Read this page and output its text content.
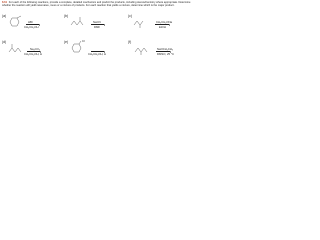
8.61 For each of the following reactions, provide a complete, detailed mechanism and predict the products, including stereochemistry where appropriate. Determine whether the reaction will yield racemates, meso or a mixture of products. For each reaction that yields a mixture, determine which is the major product.
(a)
HBr
CH₃CH₂OH
(b)
NaCN
DMF
(c)
CH₃CH₂ONa
EtOH
(d)
Na₂CO₃
CH₃CH₂OH, Δ
(e)	Cl
CH₃CH₂OH, Δ
(f)
NaOCH₂CH₃
DMSO, 25 °C
